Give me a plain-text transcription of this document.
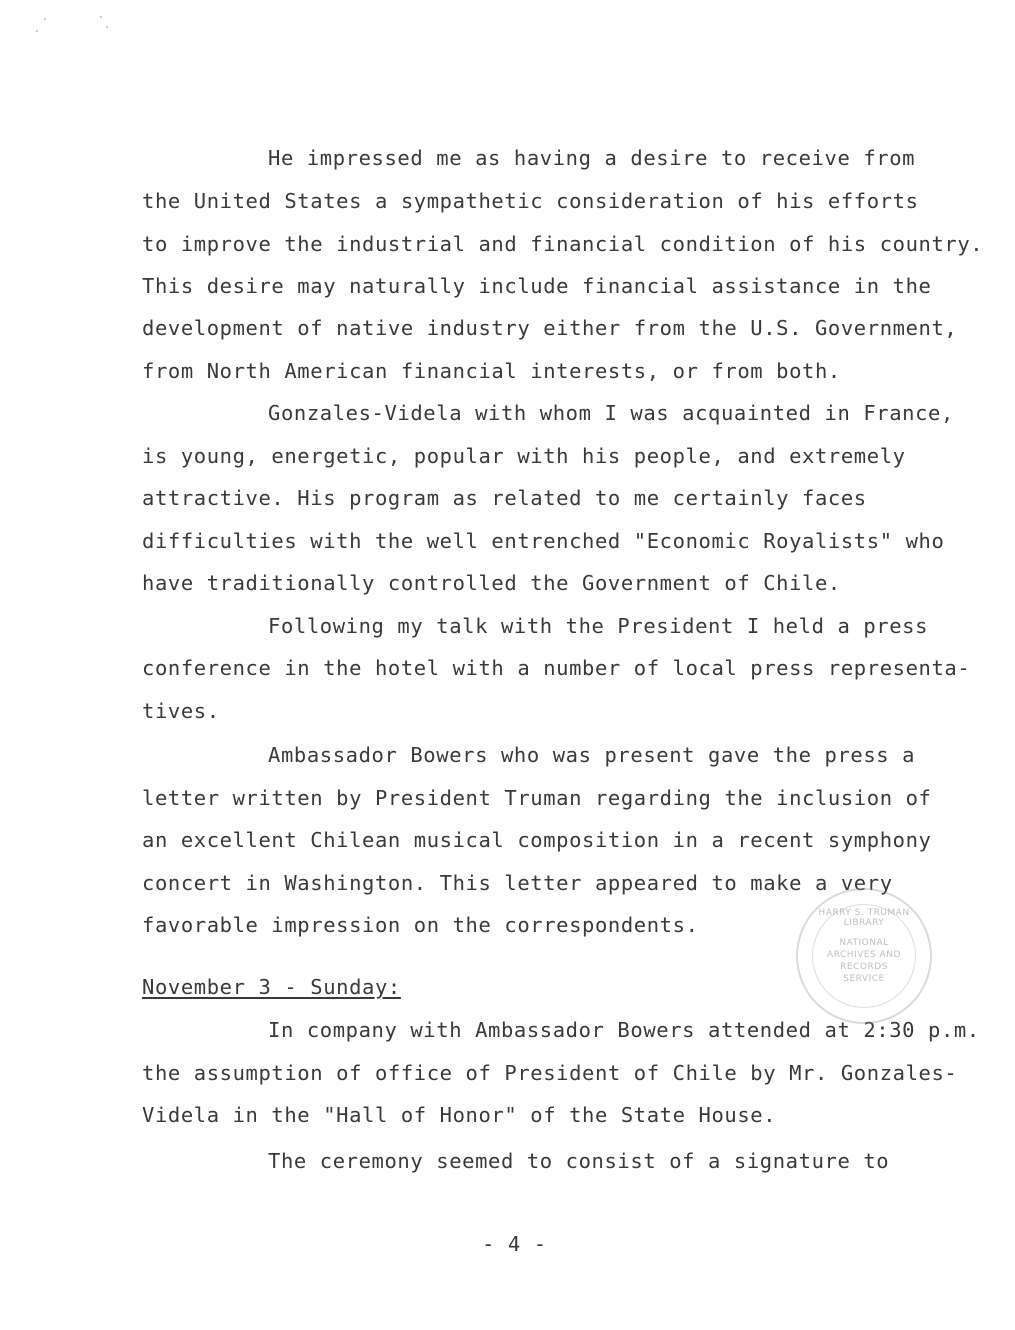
He impressed me as having a desire to receive from
the United States a sympathetic consideration of his efforts
to improve the industrial and financial condition of his country.
This desire may naturally include financial assistance in the
development of native industry either from the U.S. Government,
from North American financial interests, or from both.
Gonzales-Videla with whom I was acquainted in France,
is young, energetic, popular with his people, and extremely
attractive. His program as related to me certainly faces
difficulties with the well entrenched "Economic Royalists" who
have traditionally controlled the Government of Chile.
Following my talk with the President I held a press
conference in the hotel with a number of local press representa-
tives.
Ambassador Bowers who was present gave the press a
letter written by President Truman regarding the inclusion of
an excellent Chilean musical composition in a recent symphony
concert in Washington. This letter appeared to make a very
favorable impression on the correspondents.
November 3 - Sunday:
In company with Ambassador Bowers attended at 2:30 p.m.
the assumption of office of President of Chile by Mr. Gonzales-
Videla in the "Hall of Honor" of the State House.
The ceremony seemed to consist of a signature to
HARRY S. TRUMAN LIBRARY
NATIONAL
ARCHIVES AND
RECORDS
SERVICE
- 4 -
